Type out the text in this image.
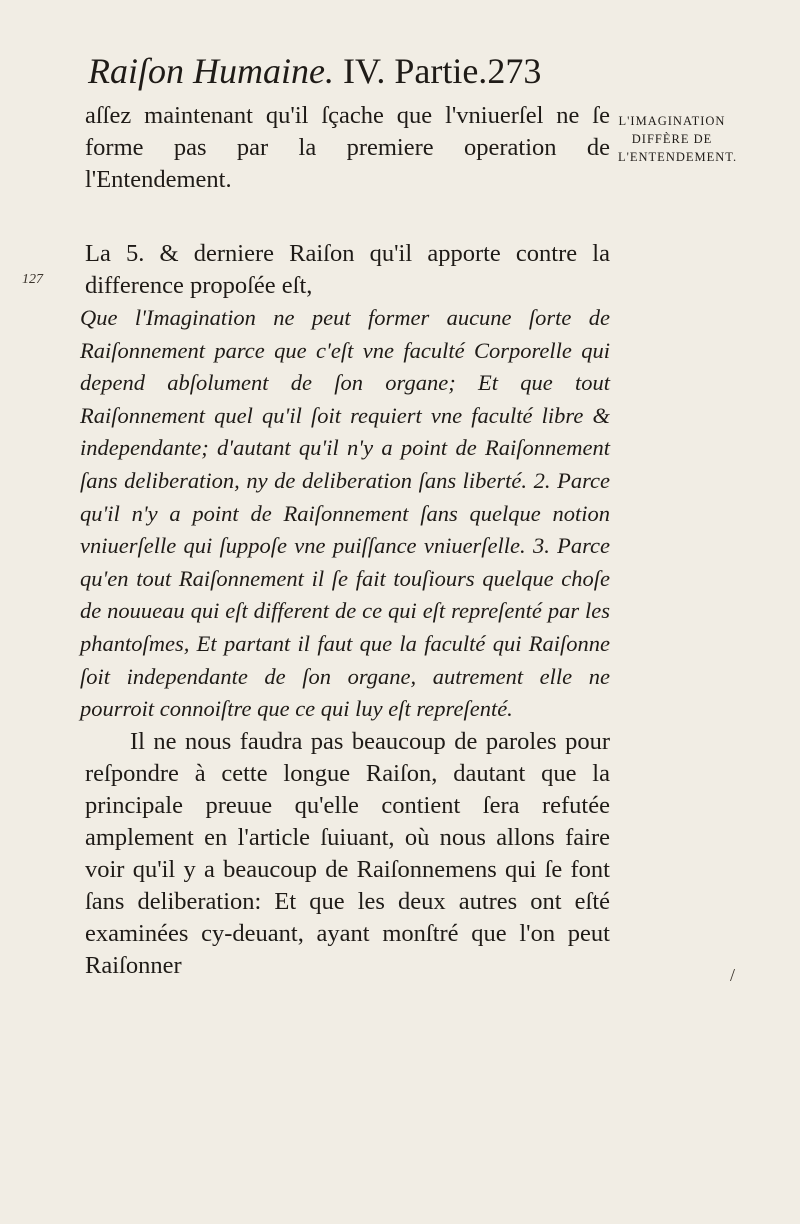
Raiſon Humaine. IV. Partie.273
L'IMAGINATION DIFFÈRE DE L'ENTENDEMENT.
127
/

aſſez maintenant qu'il ſçache que l'vniuerſel ne ſe forme pas par la premiere operation de l'Entendement.

La 5. & derniere Raiſon qu'il apporte contre la difference propoſée eſt,

Que l'Imagination ne peut former aucune ſorte de Raiſonnement parce que c'eſt vne faculté Corporelle qui depend abſolument de ſon organe; Et que tout Raiſonnement quel qu'il ſoit requiert vne faculté libre & independante; d'autant qu'il n'y a point de Raiſonnement ſans deliberation, ny de deliberation ſans liberté. 2. Parce qu'il n'y a point de Raiſonnement ſans quelque notion vniuerſelle qui ſuppoſe vne puiſſance vniuerſelle. 3. Parce qu'en tout Raiſonnement il ſe fait touſiours quelque choſe de nouueau qui eſt different de ce qui eſt repreſenté par les phantoſmes, Et partant il faut que la faculté qui Raiſonne ſoit independante de ſon organe, autrement elle ne pourroit connoiſtre que ce qui luy eſt repreſenté.

Il ne nous faudra pas beaucoup de paroles pour reſpondre à cette longue Raiſon, dautant que la principale preuue qu'elle contient ſera refutée amplement en l'article ſuiuant, où nous allons faire voir qu'il y a beaucoup de Raiſonnemens qui ſe font ſans deliberation: Et que les deux autres ont eſté examinées cy-deuant, ayant monſtré que l'on peut Raiſonner
